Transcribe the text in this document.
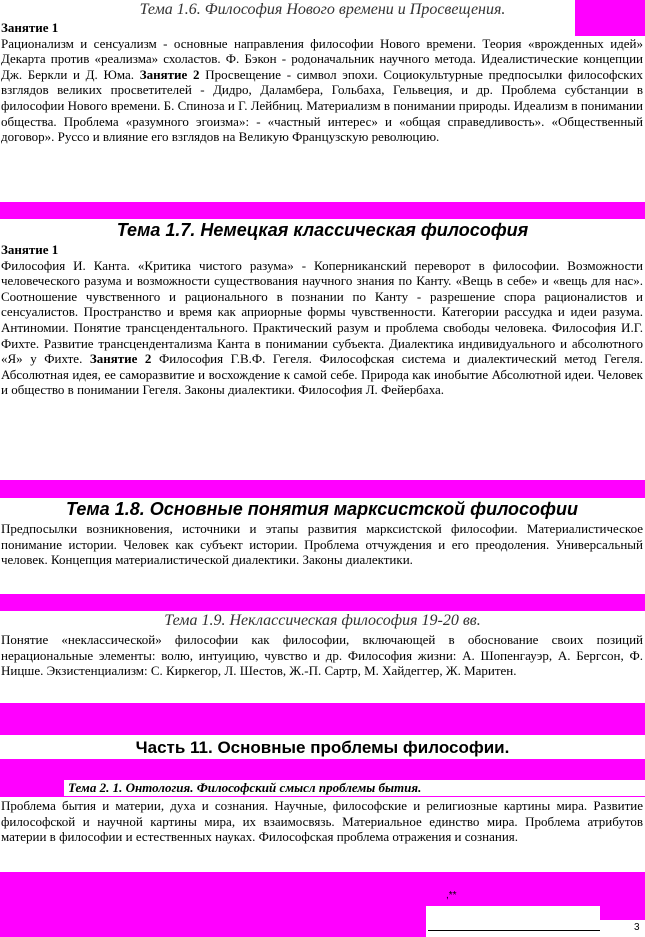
Тема 1.6. Философия Нового времени и Просвещения.
Занятие 1

Рационализм и сенсуализм - основные направления философии Нового времени. Теория «врожденных идей» Декарта против «реализма» схоластов. Ф. Бэкон - родоначальник научного метода. Идеалистические концепции Дж. Беркли и Д. Юма. Занятие 2 Просвещение - символ эпохи. Социокультурные предпосылки философских взглядов великих просветителей - Дидро, Даламбера, Гольбаха, Гельвеция, и др. Проблема субстанции в философии Нового времени. Б. Спиноза и Г. Лейбниц. Материализм в понимании природы. Идеализм в понимании общества. Проблема «разумного эгоизма»: - «частный интерес» и «общая справедливость». «Общественный договор». Руссо и влияние его взглядов на Великую Французскую революцию.

Тема 1.7. Немецкая классическая философия
Занятие 1

Философия И. Канта. «Критика чистого разума» - Коперниканский переворот в философии. Возможности человеческого разума и возможности существования научного знания по Канту. «Вещь в себе» и «вещь для нас». Соотношение чувственного и рационального в познании по Канту - разрешение спора рационалистов и сенсуалистов. Пространство и время как априорные формы чувственности. Категории рассудка и идеи разума. Антиномии. Понятие трансцендентального. Практический разум и проблема свободы человека. Философия И.Г. Фихте. Развитие трансцендентализма Канта в понимании субъекта. Диалектика индивидуального и абсолютного «Я» у Фихте. Занятие 2 Философия Г.В.Ф. Гегеля. Философская система и диалектический метод Гегеля. Абсолютная идея, ее саморазвитие и восхождение к самой себе. Природа как инобытие Абсолютной идеи. Человек и общество в понимании Гегеля. Законы диалектики. Философия Л. Фейербаха.

Тема 1.8. Основные понятия марксистской философии

Предпосылки возникновения, источники и этапы развития марксистской философии. Материалистическое понимание истории. Человек как субъект истории. Проблема отчуждения и его преодоления. Универсальный человек. Концепция материалистической диалектики. Законы диалектики.

Тема 1.9. Неклассическая философия 19-20 вв.

Понятие «неклассической» философии как философии, включающей в обоснование своих позиций нерациональные элементы: волю, интуицию, чувство и др. Философия жизни: А. Шопенгауэр, А. Бергсон, Ф. Ницше. Экзистенциализм: С. Киркегор, Л. Шестов, Ж.-П. Сартр, М. Хайдеггер, Ж. Маритен.

Часть 11. Основные проблемы философии.
Тема 2. 1. Онтология. Философский смысл проблемы бытия.

Проблема бытия и материи, духа и сознания. Научные, философские и религиозные картины мира. Развитие философской и научной картины мира, их взаимосвязь. Материальное единство мира. Проблема атрибутов материи в философии и естественных науках. Философская проблема отражения и сознания.

,**
3
